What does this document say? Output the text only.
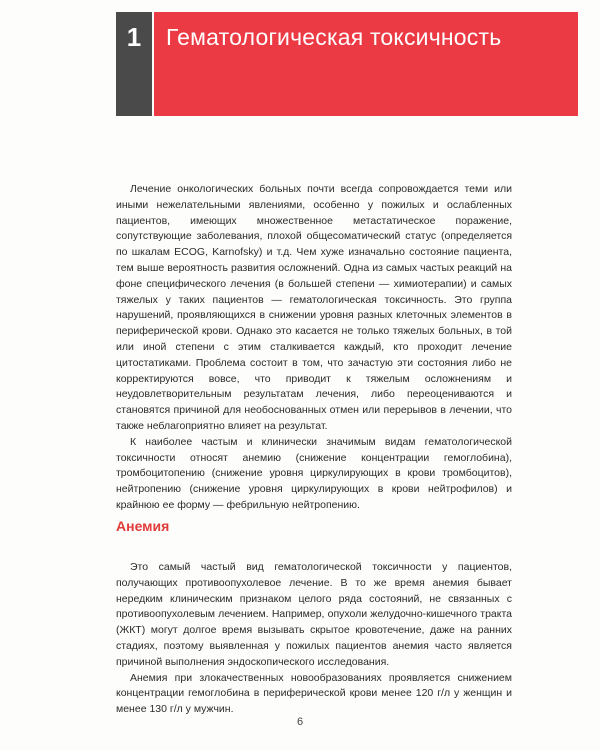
1	Гематологическая токсичность

Лечение онкологических больных почти всегда сопровождается теми или иными нежелательными явлениями, особенно у пожилых и ослабленных пациентов, имеющих множественное метастатическое поражение, сопутствующие заболевания, плохой общесоматический статус (определяется по шкалам ECOG, Karnofsky) и т.д. Чем хуже изначально состояние пациента, тем выше вероятность развития осложнений. Одна из самых частых реакций на фоне специфического лечения (в большей степени — химиотерапии) и самых тяжелых у таких пациентов — гематологическая токсичность. Это группа нарушений, проявляющихся в снижении уровня разных клеточных элементов в периферической крови. Однако это касается не только тяжелых больных, в той или иной степени с этим сталкивается каждый, кто проходит лечение цитостатиками. Проблема состоит в том, что зачастую эти состояния либо не корректируются вовсе, что приводит к тяжелым осложнениям и неудовлетворительным результатам лечения, либо переоцениваются и становятся причиной для необоснованных отмен или перерывов в лечении, что также неблагоприятно влияет на результат.

К наиболее частым и клинически значимым видам гематологической токсичности относят анемию (снижение концентрации гемоглобина), тромбоцитопению (снижение уровня циркулирующих в крови тромбоцитов), нейтропению (снижение уровня циркулирующих в крови нейтрофилов) и крайнюю ее форму — фебрильную нейтропению.

Анемия

Это самый частый вид гематологической токсичности у пациентов, получающих противоопухолевое лечение. В то же время анемия бывает нередким клиническим признаком целого ряда состояний, не связанных с противоопухолевым лечением. Например, опухоли желудочно-кишечного тракта (ЖКТ) могут долгое время вызывать скрытое кровотечение, даже на ранних стадиях, поэтому выявленная у пожилых пациентов анемия часто является причиной выполнения эндоскопического исследования.

Анемия при злокачественных новообразованиях проявляется снижением концентрации гемоглобина в периферической крови менее 120 г/л у женщин и менее 130 г/л у мужчин.

6
